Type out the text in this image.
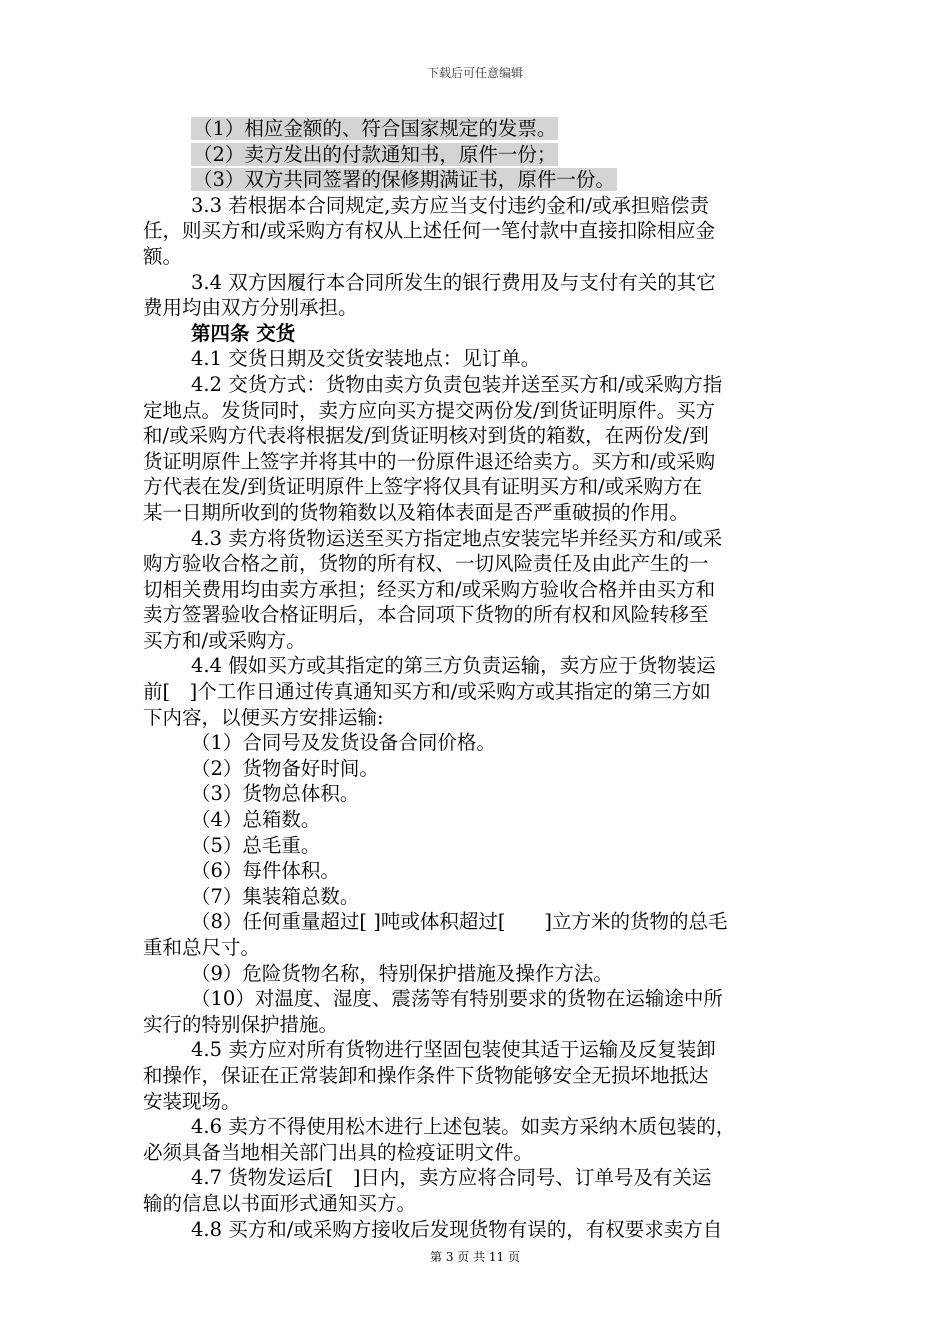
下载后可任意编辑
（1）相应金额的、符合国家规定的发票。
（2）卖方发出的付款通知书，原件一份；
（3）双方共同签署的保修期满证书，原件一份。
3.3 若根据本合同规定,卖方应当支付违约金和/或承担赔偿责
任，则买方和/或采购方有权从上述任何一笔付款中直接扣除相应金
额。
3.4 双方因履行本合同所发生的银行费用及与支付有关的其它
费用均由双方分别承担。
第四条 交货
4.1 交货日期及交货安装地点：见订单。
4.2 交货方式：货物由卖方负责包装并送至买方和/或采购方指
定地点。发货同时，卖方应向买方提交两份发/到货证明原件。买方
和/或采购方代表将根据发/到货证明核对到货的箱数，在两份发/到
货证明原件上签字并将其中的一份原件退还给卖方。买方和/或采购
方代表在发/到货证明原件上签字将仅具有证明买方和/或采购方在
某一日期所收到的货物箱数以及箱体表面是否严重破损的作用。
4.3 卖方将货物运送至买方指定地点安装完毕并经买方和/或采
购方验收合格之前，货物的所有权、一切风险责任及由此产生的一
切相关费用均由卖方承担；经买方和/或采购方验收合格并由买方和
卖方签署验收合格证明后，本合同项下货物的所有权和风险转移至
买方和/或采购方。
4.4 假如买方或其指定的第三方负责运输，卖方应于货物装运
前[　]个工作日通过传真通知买方和/或采购方或其指定的第三方如
下内容，以便买方安排运输:
（1）合同号及发货设备合同价格。
（2）货物备好时间。
（3）货物总体积。
（4）总箱数。
（5）总毛重。
（6）每件体积。
（7）集装箱总数。
（8）任何重量超过[ ]吨或体积超过[　　]立方米的货物的总毛
重和总尺寸。
（9）危险货物名称，特别保护措施及操作方法。
（10）对温度、湿度、震荡等有特别要求的货物在运输途中所
实行的特别保护措施。
4.5 卖方应对所有货物进行坚固包装使其适于运输及反复装卸
和操作，保证在正常装卸和操作条件下货物能够安全无损坏地抵达
安装现场。
4.6 卖方不得使用松木进行上述包装。如卖方采纳木质包装的，
必须具备当地相关部门出具的检疫证明文件。
4.7 货物发运后[　]日内，卖方应将合同号、订单号及有关运
输的信息以书面形式通知买方。
4.8 买方和/或采购方接收后发现货物有误的，有权要求卖方自
第 3 页 共 11 页
